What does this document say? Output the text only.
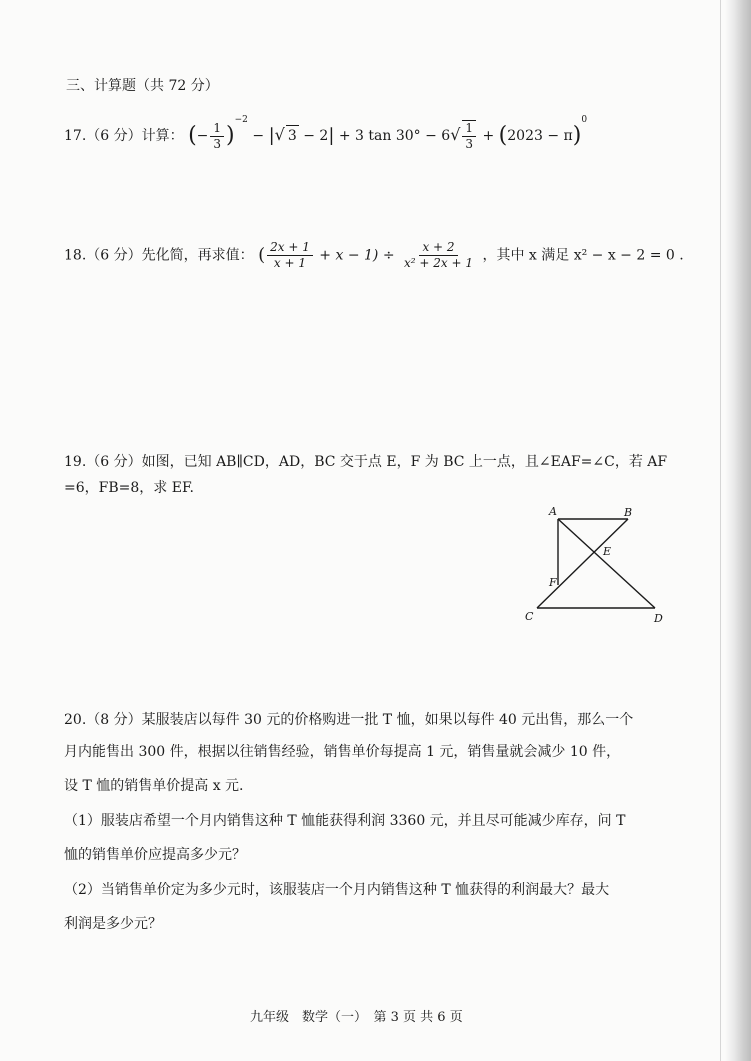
三、计算题（共 72 分）
17.（6 分）计算： (− $\frac{1}{3} )^{-2}$ − |√ 3 − 2| + 3 $\tan 30^\circ - 6√ \frac{1}{3} + (2023 - \pi)^0$
18.（6 分）先化简，再求值： ( $\frac{2x + 1}{x + 1} + x - 1) \div \frac{x + 2}{\text{x² + 2x + 1}}$ ，其中 x 满足 x² − x − 2 = 0 .
19.（6 分）如图，已知 AB∥CD，AD，BC 交于点 E，F 为 BC 上一点，且∠EAF=∠C，若 AF
=6，FB=8，求 EF.
A	B
C	D
E
F
20.（8 分）某服装店以每件 30 元的价格购进一批 T 恤，如果以每件 40 元出售，那么一个
月内能售出 300 件，根据以往销售经验，销售单价每提高 1 元，销售量就会减少 10 件，
设 T 恤的销售单价提高 x 元.
（1）服装店希望一个月内销售这种 T 恤能获得利润 3360 元，并且尽可能减少库存，问 T
恤的销售单价应提高多少元？
（2）当销售单价定为多少元时，该服装店一个月内销售这种 T 恤获得的利润最大？最大
利润是多少元？
九年级　数学（一）　第 3 页 共 6 页
